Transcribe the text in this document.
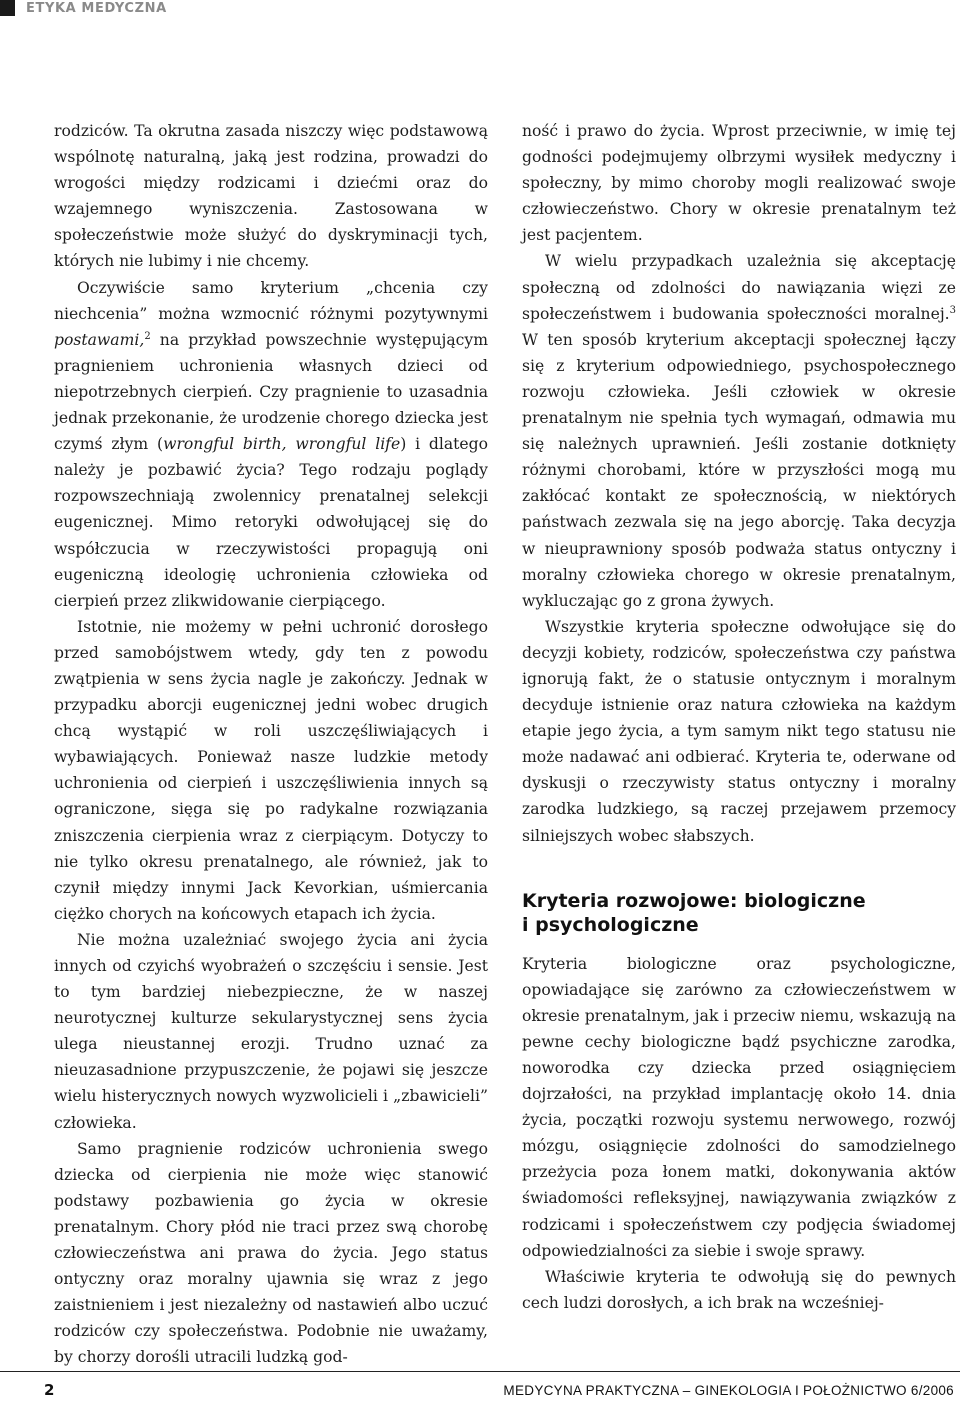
ETYKA MEDYCZNA

rodziców. Ta okrutna zasada niszczy więc podstawową wspólnotę naturalną, jaką jest rodzina, prowadzi do wrogości między rodzicami i dziećmi oraz do wzajemnego wyniszczenia. Zastosowana w społeczeństwie może służyć do dyskryminacji tych, których nie lubimy i nie chcemy.

Oczywiście samo kryterium „chcenia czy niechcenia” można wzmocnić różnymi pozytywnymi postawami,$^2$ na przykład powszechnie występującym pragnieniem uchronienia własnych dzieci od niepotrzebnych cierpień. Czy pragnienie to uzasadnia jednak przekonanie, że urodzenie chorego dziecka jest czymś złym (wrongful birth, wrongful life) i dlatego należy je pozbawić życia? Tego rodzaju poglądy rozpowszechniają zwolennicy prenatalnej selekcji eugenicznej. Mimo retoryki odwołującej się do współczucia w rzeczywistości propagują oni eugeniczną ideologię uchronienia człowieka od cierpień przez zlikwidowanie cierpiącego.

Istotnie, nie możemy w pełni uchronić dorosłego przed samobójstwem wtedy, gdy ten z powodu zwątpienia w sens życia nagle je zakończy. Jednak w przypadku aborcji eugenicznej jedni wobec drugich chcą wystąpić w roli uszczęśliwiających i wybawiających. Ponieważ nasze ludzkie metody uchronienia od cierpień i uszczęśliwienia innych są ograniczone, sięga się po radykalne rozwiązania zniszczenia cierpienia wraz z cierpiącym. Dotyczy to nie tylko okresu prenatalnego, ale również, jak to czynił między innymi Jack Kevorkian, uśmiercania ciężko chorych na końcowych etapach ich życia.

Nie można uzależniać swojego życia ani życia innych od czyichś wyobrażeń o szczęściu i sensie. Jest to tym bardziej niebezpieczne, że w naszej neurotycznej kulturze sekularystycznej sens życia ulega nieustannej erozji. Trudno uznać za nieuzasadnione przypuszczenie, że pojawi się jeszcze wielu histerycznych nowych wyzwolicieli i „zbawicieli” człowieka.

Samo pragnienie rodziców uchronienia swego dziecka od cierpienia nie może więc stanowić podstawy pozbawienia go życia w okresie prenatalnym. Chory płód nie traci przez swą chorobę człowieczeństwa ani prawa do życia. Jego status ontyczny oraz moralny ujawnia się wraz z jego zaistnieniem i jest niezależny od nastawień albo uczuć rodziców czy społeczeństwa. Podobnie nie uważamy, by chorzy dorośli utracili ludzką god-

ność i prawo do życia. Wprost przeciwnie, w imię tej godności podejmujemy olbrzymi wysiłek medyczny i społeczny, by mimo choroby mogli realizować swoje człowieczeństwo. Chory w okresie prenatalnym też jest pacjentem.

W wielu przypadkach uzależnia się akceptację społeczną od zdolności do nawiązania więzi ze społeczeństwem i budowania społeczności moralnej.$^3$ W ten sposób kryterium akceptacji społecznej łączy się z kryterium odpowiedniego, psychospołecznego rozwoju człowieka. Jeśli człowiek w okresie prenatalnym nie spełnia tych wymagań, odmawia mu się należnych uprawnień. Jeśli zostanie dotknięty różnymi chorobami, które w przyszłości mogą mu zakłócać kontakt ze społecznością, w niektórych państwach zezwala się na jego aborcję. Taka decyzja w nieuprawniony sposób podważa status ontyczny i moralny człowieka chorego w okresie prenatalnym, wykluczając go z grona żywych.

Wszystkie kryteria społeczne odwołujące się do decyzji kobiety, rodziców, społeczeństwa czy państwa ignorują fakt, że o statusie ontycznym i moralnym decyduje istnienie oraz natura człowieka na każdym etapie jego życia, a tym samym nikt tego statusu nie może nadawać ani odbierać. Kryteria te, oderwane od dyskusji o rzeczywisty status ontyczny i moralny zarodka ludzkiego, są raczej przejawem przemocy silniejszych wobec słabszych.

Kryteria rozwojowe: biologiczne
i psychologiczne

Kryteria biologiczne oraz psychologiczne, opowiadające się zarówno za człowieczeństwem w okresie prenatalnym, jak i przeciw niemu, wskazują na pewne cechy biologiczne bądź psychiczne zarodka, noworodka czy dziecka przed osiągnięciem dojrzałości, na przykład implantację około 14. dnia życia, początki rozwoju systemu nerwowego, rozwój mózgu, osiągnięcie zdolności do samodzielnego przeżycia poza łonem matki, dokonywania aktów świadomości refleksyjnej, nawiązywania związków z rodzicami i społeczeństwem czy podjęcia świadomej odpowiedzialności za siebie i swoje sprawy.

Właściwie kryteria te odwołują się do pewnych cech ludzi dorosłych, a ich brak na wcześniej-

2	MEDYCYNA PRAKTYCZNA – GINEKOLOGIA I POŁOŻNICTWO 6/2006
